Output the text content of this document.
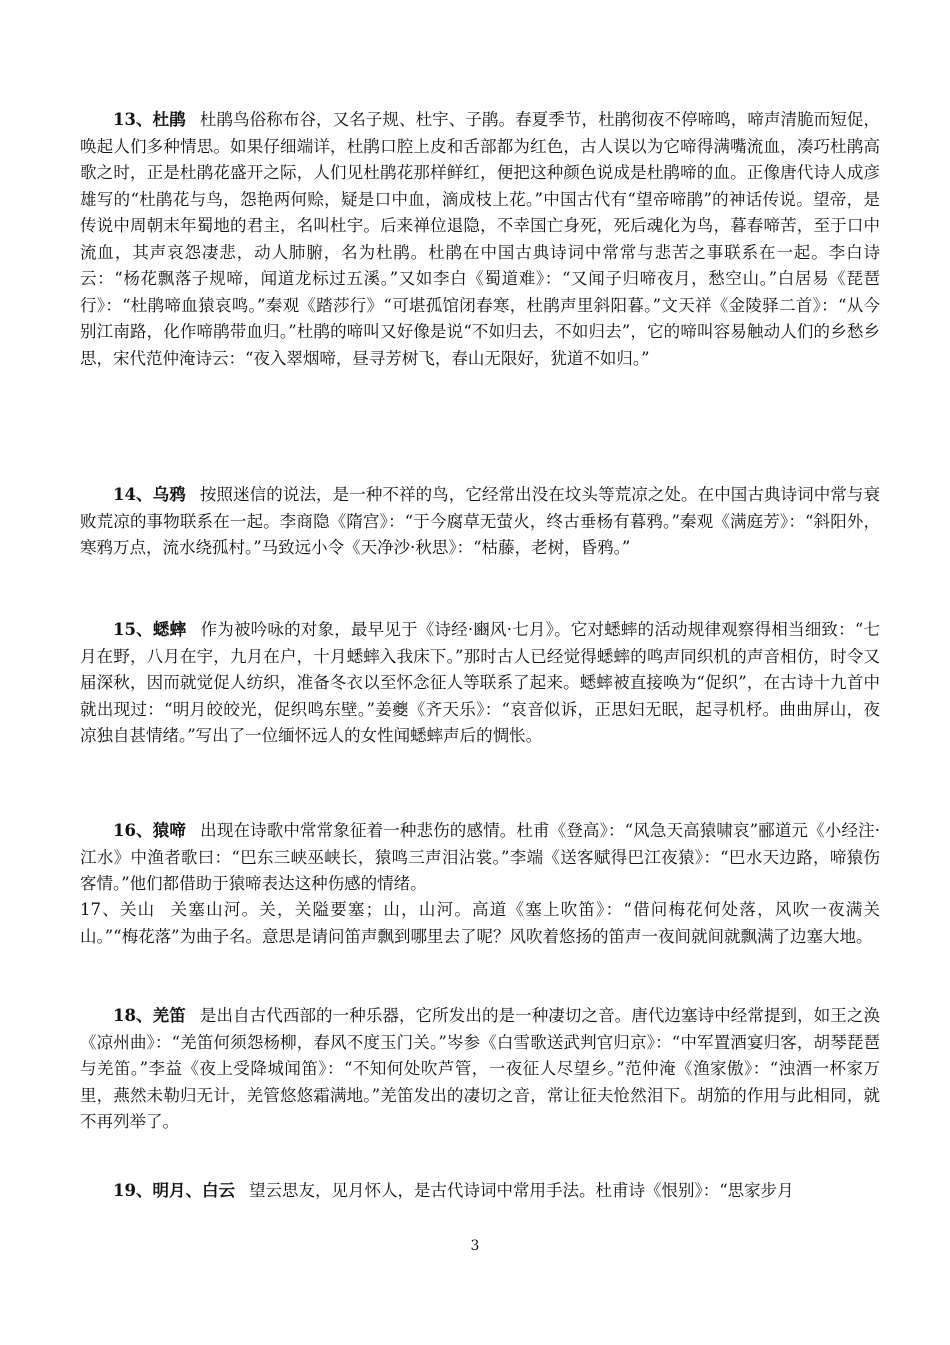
13、杜鹃 杜鹃鸟俗称布谷，又名子规、杜宇、子鹃。春夏季节，杜鹃彻夜不停啼鸣，啼声清脆而短促，唤起人们多种情思。如果仔细端详，杜鹃口腔上皮和舌部都为红色，古人误以为它啼得满嘴流血，凑巧杜鹃高歌之时，正是杜鹃花盛开之际，人们见杜鹃花那样鲜红，便把这种颜色说成是杜鹃啼的血。正像唐代诗人成彦雄写的“杜鹃花与鸟，怨艳两何赊，疑是口中血，滴成枝上花。”中国古代有“望帝啼鹃”的神话传说。望帝，是传说中周朝末年蜀地的君主，名叫杜宇。后来禅位退隐，不幸国亡身死，死后魂化为鸟，暮春啼苦，至于口中流血，其声哀怨凄悲，动人肺腑，名为杜鹃。杜鹃在中国古典诗词中常常与悲苦之事联系在一起。李白诗云：“杨花飘落子规啼，闻道龙标过五溪。”又如李白《蜀道难》：“又闻子归啼夜月，愁空山。”白居易《琵琶行》：“杜鹃啼血猿哀鸣。”秦观《踏莎行》“可堪孤馆闭春寒，杜鹃声里斜阳暮。”文天祥《金陵驿二首》：“从今别江南路，化作啼鹃带血归。”杜鹃的啼叫又好像是说“不如归去，不如归去”，它的啼叫容易触动人们的乡愁乡思，宋代范仲淹诗云：“夜入翠烟啼，昼寻芳树飞，春山无限好，犹道不如归。”

14、乌鸦 按照迷信的说法，是一种不祥的鸟，它经常出没在坟头等荒凉之处。在中国古典诗词中常与衰败荒凉的事物联系在一起。李商隐《隋宫》：“于今腐草无萤火，终古垂杨有暮鸦。”秦观《满庭芳》：“斜阳外，寒鸦万点，流水绕孤村。”马致远小令《天净沙·秋思》：“枯藤，老树，昏鸦。”

15、蟋蟀 作为被吟咏的对象，最早见于《诗经·豳风·七月》。它对蟋蟀的活动规律观察得相当细致：“七月在野，八月在宇，九月在户，十月蟋蟀入我床下。”那时古人已经觉得蟋蟀的鸣声同织机的声音相仿，时令又届深秋，因而就觉促人纺织，准备冬衣以至怀念征人等联系了起来。蟋蟀被直接唤为“促织”，在古诗十九首中就出现过：“明月皎皎光，促织鸣东壁。”姜夔《齐天乐》：“哀音似诉，正思妇无眠，起寻机杼。曲曲屏山，夜凉独自甚情绪。”写出了一位缅怀远人的女性闻蟋蟀声后的惆怅。

16、猿啼 出现在诗歌中常常象征着一种悲伤的感情。杜甫《登高》：“风急天高猿啸哀”郦道元《小经注·江水》中渔者歌曰：“巴东三峡巫峡长，猿鸣三声泪沾裳。”李端《送客赋得巴江夜猿》：“巴水天边路，啼猿伤客情。”他们都借助于猿啼表达这种伤感的情绪。

17、关山 关塞山河。关，关隘要塞；山，山河。高道《塞上吹笛》：“借问梅花何处落，风吹一夜满关山。”“梅花落”为曲子名。意思是请问笛声飘到哪里去了呢？风吹着悠扬的笛声一夜间就间就飘满了边塞大地。

18、羌笛 是出自古代西部的一种乐器，它所发出的是一种凄切之音。唐代边塞诗中经常提到，如王之涣《凉州曲》：“羌笛何须怨杨柳，春风不度玉门关。”岑参《白雪歌送武判官归京》：“中军置酒宴归客，胡琴琵琶与羌笛。”李益《夜上受降城闻笛》：“不知何处吹芦管，一夜征人尽望乡。”范仲淹《渔家傲》：“浊酒一杯家万里，燕然未勒归无计，羌管悠悠霜满地。”羌笛发出的凄切之音，常让征夫怆然泪下。胡笳的作用与此相同，就不再列举了。

19、明月、白云 望云思友，见月怀人，是古代诗词中常用手法。杜甫诗《恨别》：“思家步月

3
